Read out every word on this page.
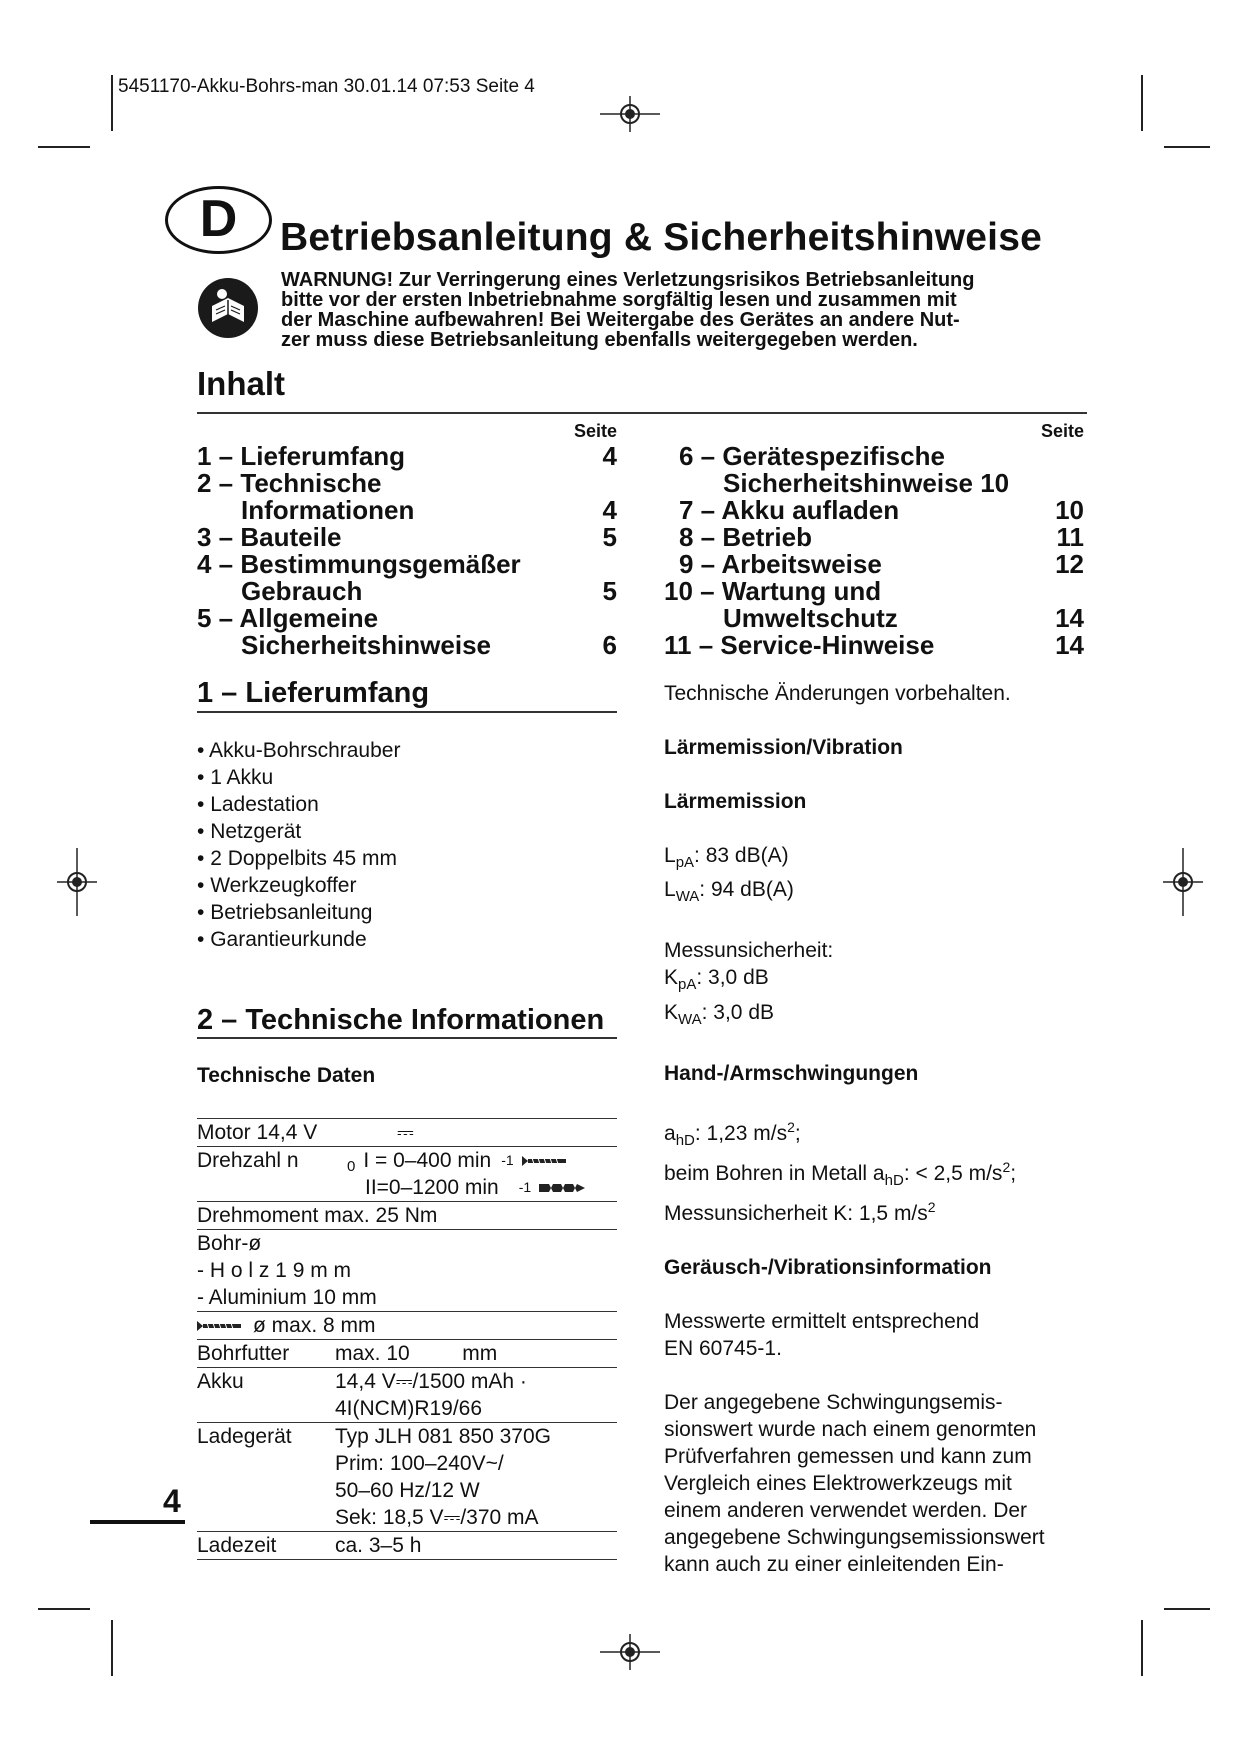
5451170-Akku-Bohrs-man 30.01.14 07:53 Seite 4
D	Betriebsanleitung & Sicherheitshinweise
WARNUNG! Zur Verringerung eines Verletzungsrisikos Betriebsanleitung
bitte vor der ersten Inbetriebnahme sorgfältig lesen und zusammen mit
der Maschine aufbewahren! Bei Weitergabe des Gerätes an andere Nut-
zer muss diese Betriebsanleitung ebenfalls weitergegeben werden.
Inhalt
Seite
1 – Lieferumfang	4
2 – Technische
Informationen	4
3 – Bauteile	5
4 – Bestimmungsgemäßer
Gebrauch	5
5 – Allgemeine
Sicherheitshinweise	6
Seite
6 – Gerätespezifische
Sicherheitshinweise 10
7 – Akku aufladen	10
8 – Betrieb	11
9 – Arbeitsweise	12
10 – Wartung und
Umweltschutz	14
11 – Service-Hinweise	14
1 – Lieferumfang
• Akku-Bohrschrauber
• 1 Akku
• Ladestation
• Netzgerät
• 2 Doppelbits 45 mm
• Werkzeugkoffer
• Betriebsanleitung
• Garantieurkunde
2 – Technische Informationen
Technische Daten
Motor 14,4 V	⎓
Drehzahl n	0 I = 0–400 min -1
II=0–1200 min -1
Drehmoment max. 25 Nm
Bohr-ø
- H o l z 1 9 m m
- Aluminium 10 mm
ø max. 8 mm
Bohrfutter	max. 10         mm
Akku	14,4 V⎓/1500 mAh ·
4I(NCM)R19/66
Ladegerät	Typ JLH 081 850 370G
Prim: 100–240V~/
50–60 Hz/12 W
Sek: 18,5 V⎓/370 mA
Ladezeit	ca. 3–5 h
Technische Änderungen vorbehalten.
Lärmemission/Vibration
Lärmemission
$L_{pA}$: 83 dB(A)
$L_{WA}$: 94 dB(A)
Messunsicherheit:
$K_{pA}$: 3,0 dB
$K_{WA}$: 3,0 dB
Hand-/Armschwingungen
$a_{hD}$: 1,23 $m/s^2$;
beim Bohren in Metall $a_{hD}$: < 2,5 $m/s^2$;
Messunsicherheit K: 1,5 $m/s^2$
Geräusch-/Vibrationsinformation
Messwerte ermittelt entsprechend
EN 60745-1.
Der angegebene Schwingungsemis-
sionswert wurde nach einem genormten
Prüfverfahren gemessen und kann zum
Vergleich eines Elektrowerkzeugs mit
einem anderen verwendet werden. Der
angegebene Schwingungsemissionswert
kann auch zu einer einleitenden Ein-
4
